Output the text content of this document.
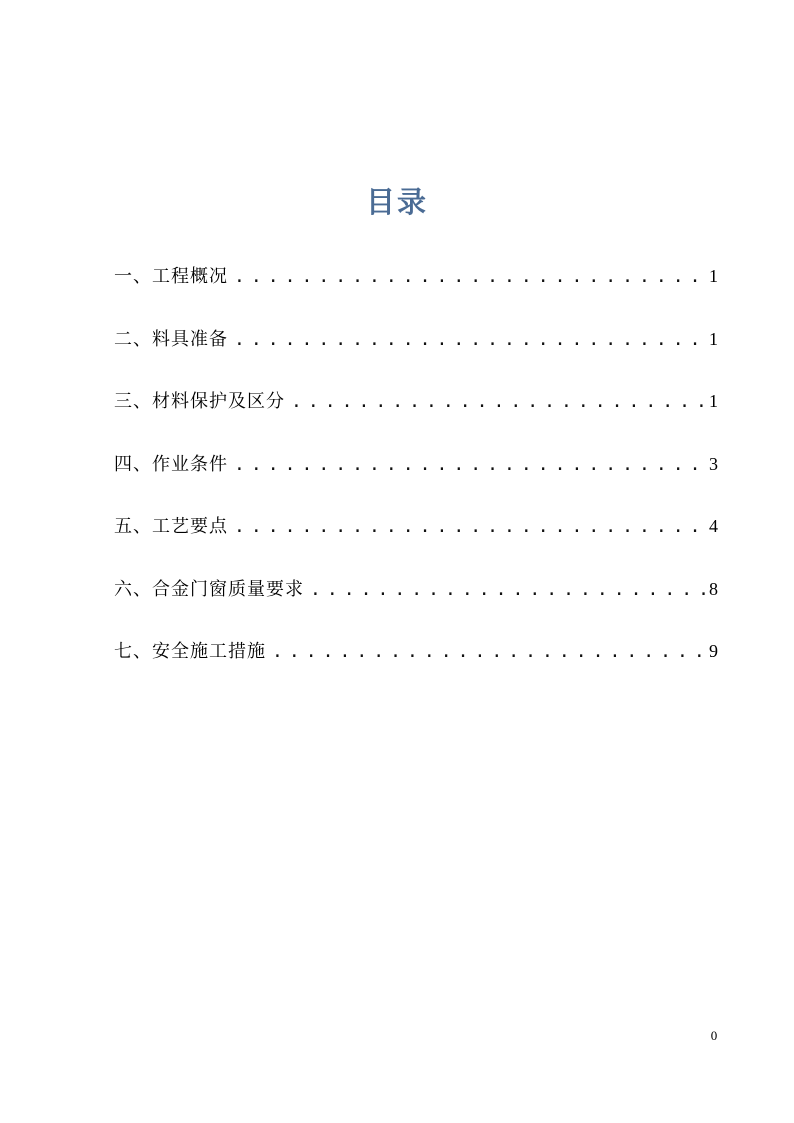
目录
一、工程概况 . . .	1
二、料具准备 . . .	1
三、材料保护及区分 . . .	1
四、作业条件 . . .	3
五、工艺要点 . . .	4
六、合金门窗质量要求 . . .	8
七、安全施工措施 . . .	9
0
